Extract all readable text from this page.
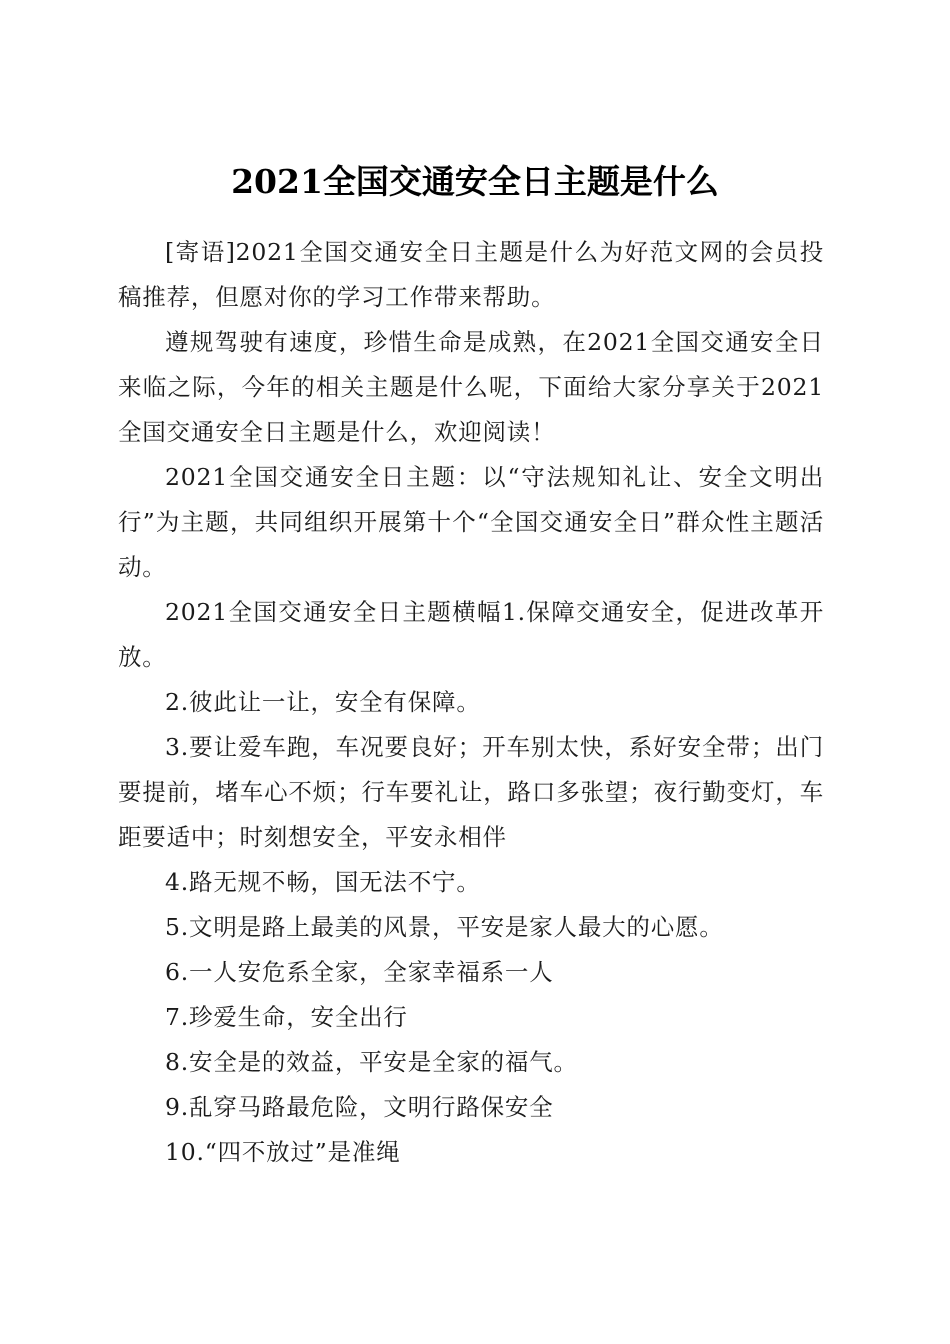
2021全国交通安全日主题是什么

[寄语]2021全国交通安全日主题是什么为好范文网的会员投稿推荐，但愿对你的学习工作带来帮助。

遵规驾驶有速度，珍惜生命是成熟，在2021全国交通安全日来临之际，今年的相关主题是什么呢，下面给大家分享关于2021全国交通安全日主题是什么，欢迎阅读！

2021全国交通安全日主题：以“守法规知礼让、安全文明出行”为主题，共同组织开展第十个“全国交通安全日”群众性主题活动。

2021全国交通安全日主题横幅1.保障交通安全，促进改革开放。

2.彼此让一让，安全有保障。

3.要让爱车跑，车况要良好；开车别太快，系好安全带；出门要提前，堵车心不烦；行车要礼让，路口多张望；夜行勤变灯，车距要适中；时刻想安全，平安永相伴

4.路无规不畅，国无法不宁。

5.文明是路上最美的风景，平安是家人最大的心愿。

6.一人安危系全家，全家幸福系一人

7.珍爱生命，安全出行

8.安全是的效益，平安是全家的福气。

9.乱穿马路最危险，文明行路保安全

10.“四不放过”是准绳
